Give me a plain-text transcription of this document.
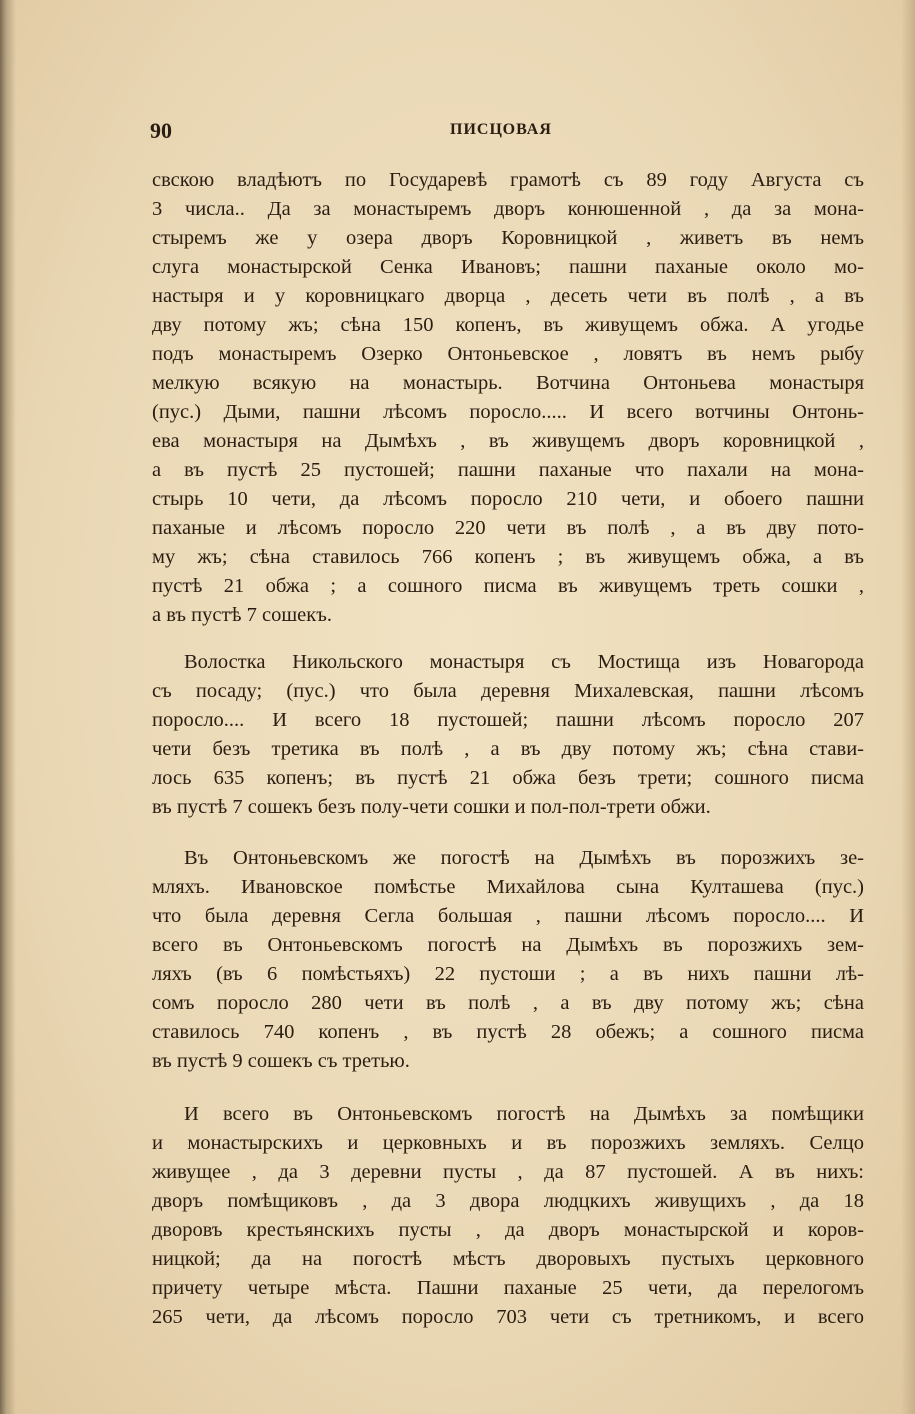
90	ПИСЦОВАЯ
свскою владѣютъ по Государевѣ грамотѣ съ 89 году Августа съ
3 числа.. Да за монастыремъ дворъ конюшенной , да за мона-
стыремъ же у озера дворъ Коровницкой , живетъ въ немъ
слуга монастырской Сенка Ивановъ; пашни паханые около мо-
настыря и у коровницкаго дворца , десеть чети въ полѣ , а въ
дву потому жъ; сѣна 150 копенъ, въ живущемъ обжа. А угодье
подъ монастыремъ Озерко Онтоньевское , ловятъ въ немъ рыбу
мелкую всякую на монастырь. Вотчина Онтоньева монастыря
(пус.) Дыми, пашни лѣсомъ поросло..... И всего вотчины Онтонь-
ева монастыря на Дымѣхъ , въ живущемъ дворъ коровницкой ,
а въ пустѣ 25 пустошей; пашни паханые что пахали на мона-
стырь 10 чети, да лѣсомъ поросло 210 чети, и обоего пашни
паханые и лѣсомъ поросло 220 чети въ полѣ , а въ дву пото-
му жъ; сѣна ставилось 766 копенъ ; въ живущемъ обжа, а въ
пустѣ 21 обжа ; а сошного писма въ живущемъ треть сошки ,
а въ пустѣ 7 сошекъ.
Волостка Никольского монастыря съ Мостища изъ Новагорода
съ посаду; (пус.) что была деревня Михалевская, пашни лѣсомъ
поросло.... И всего 18 пустошей; пашни лѣсомъ поросло 207
чети безъ третика въ полѣ , а въ дву потому жъ; сѣна стави-
лось 635 копенъ; въ пустѣ 21 обжа безъ трети; сошного писма
въ пустѣ 7 сошекъ безъ полу-чети сошки и пол-пол-трети обжи.
Въ Онтоньевскомъ же погостѣ на Дымѣхъ въ порозжихъ зе-
мляхъ. Ивановское помѣстье Михайлова сына Култашева (пус.)
что была деревня Сегла большая , пашни лѣсомъ поросло.... И
всего въ Онтоньевскомъ погостѣ на Дымѣхъ въ порозжихъ зем-
ляхъ (въ 6 помѣстьяхъ) 22 пустоши ; а въ нихъ пашни лѣ-
сомъ поросло 280 чети въ полѣ , а въ дву потому жъ; сѣна
ставилось 740 копенъ , въ пустѣ 28 обежъ; а сошного писма
въ пустѣ 9 сошекъ съ третью.
И всего въ Онтоньевскомъ погостѣ на Дымѣхъ за помѣщики
и монастырскихъ и церковныхъ и въ порозжихъ земляхъ. Селцо
живущее , да 3 деревни пусты , да 87 пустошей. А въ нихъ:
дворъ помѣщиковъ , да 3 двора людцкихъ живущихъ , да 18
дворовъ крестьянскихъ пусты , да дворъ монастырской и коров-
ницкой; да на погостѣ мѣстъ дворовыхъ пустыхъ церковного
причету четыре мѣста. Пашни паханые 25 чети, да перелогомъ
265 чети, да лѣсомъ поросло 703 чети съ третникомъ, и всего
